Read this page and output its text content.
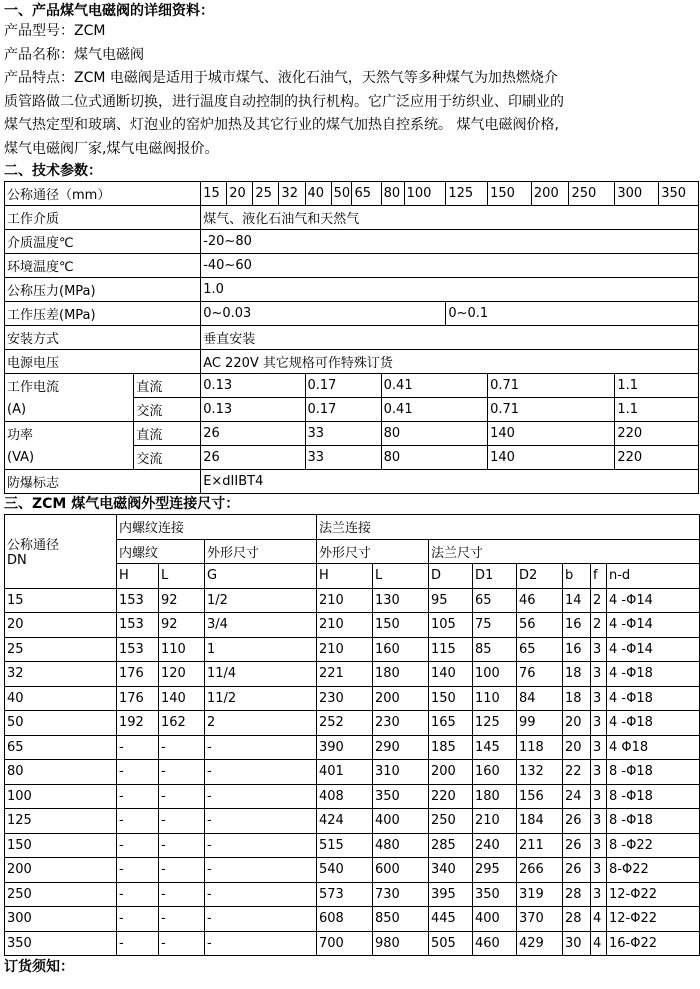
一、产品煤气电磁阀的详细资料：

产品型号：ZCM

产品名称：煤气电磁阀

产品特点：ZCM 电磁阀是适用于城市煤气、液化石油气，天然气等多种煤气为加热燃烧介

质管路做二位式通断切换，进行温度自动控制的执行机构。它广泛应用于纺织业、印刷业的

煤气热定型和玻璃、灯泡业的窑炉加热及其它行业的煤气加热自控系统。 煤气电磁阀价格,

煤气电磁阀厂家,煤气电磁阀报价。

二、技术参数：
公称通径（mm）		15	20	25	32	40	50	65	80	100	125	150	200	250	300	350
工作介质		煤气、液化石油气和天然气														
介质温度℃		-20~80														
环境温度℃		-40~60														
公称压力(MPa)		1.0														
工作压差(MPa)		0~0.03									0~0.1					
安装方式		垂直安装														
电源电压		AC 220V 其它规格可作特殊订货														
工作电流	直流	0.13				0.17			0.41			0.71			1.1	
(A)	交流	0.13				0.17			0.41			0.71			1.1	
功率	直流	26				33			80			140			220	
(VA)	交流	26				33			80			140			220	
防爆标志		E×dIIBT4														
三、ZCM 煤气电磁阀外型连接尺寸：
公称通径
DN	内螺纹连接			法兰连接							
	内螺纹		外形尺寸	外形尺寸		法兰尺寸					
	H	L	G	H	L	D	D1	D2	b	f	n-d
15	153	92	1/2	210	130	95	65	46	14	2	4 -Φ14
20	153	92	3/4	210	150	105	75	56	16	2	4 -Φ14
25	153	110	1	210	160	115	85	65	16	3	4 -Φ14
32	176	120	11/4	221	180	140	100	76	18	3	4 -Φ18
40	176	140	11/2	230	200	150	110	84	18	3	4 -Φ18
50	192	162	2	252	230	165	125	99	20	3	4 -Φ18
65	-	-	-	390	290	185	145	118	20	3	4 Φ18
80	-	-	-	401	310	200	160	132	22	3	8 -Φ18
100	-	-	-	408	350	220	180	156	24	3	8 -Φ18
125	-	-	-	424	400	250	210	184	26	3	8 -Φ18
150	-	-	-	515	480	285	240	211	26	3	8 -Φ22
200	-	-	-	540	600	340	295	266	26	3	8-Φ22
250	-	-	-	573	730	395	350	319	28	3	12-Φ22
300	-	-	-	608	850	445	400	370	28	4	12-Φ22
350	-	-	-	700	980	505	460	429	30	4	16-Φ22
订货须知：
